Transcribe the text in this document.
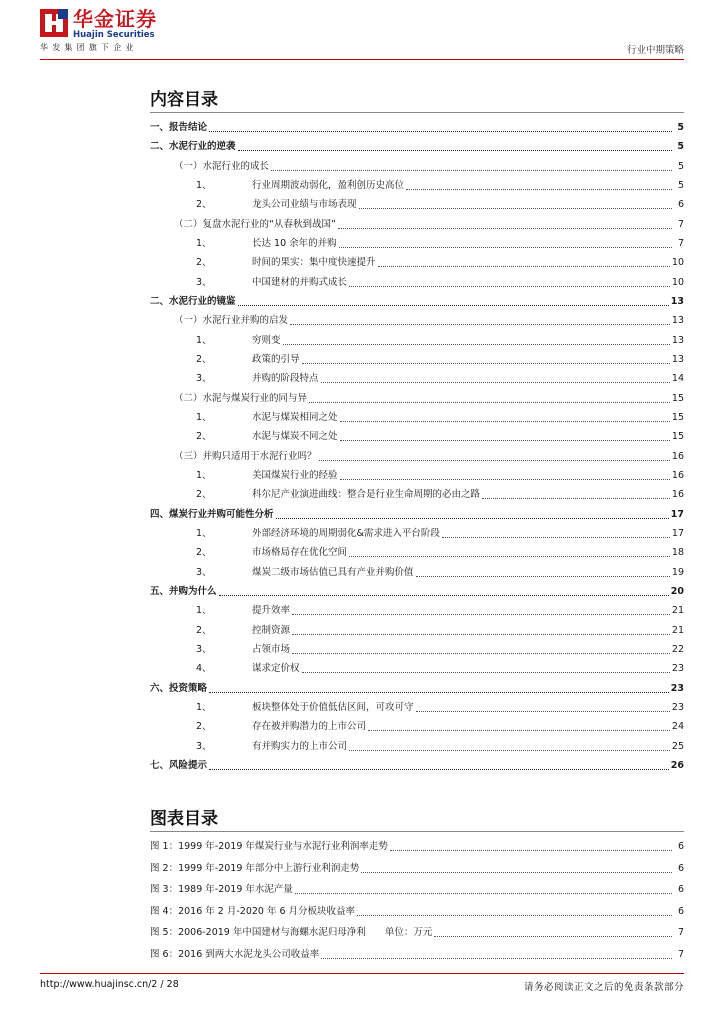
华金证券
Huajin Securities
华发集团旗下企业	行业中期策略
内容目录
一、 报告结论	5
二、 水泥行业的逆袭	5
（一） 水泥行业的成长	5
1、	行业周期波动弱化，盈利创历史高位	5
2、	龙头公司业绩与市场表现	6
（二） 复盘水泥行业的“从春秋到战国”	7
1、	长达 10 余年的并购	7
2、	时间的果实：集中度快速提升	10
3、	中国建材的并购式成长	10
二、 水泥行业的镜鉴	13
（一） 水泥行业并购的启发	13
1、	穷则变	13
2、	政策的引导	13
3、	并购的阶段特点	14
（二） 水泥与煤炭行业的同与异	15
1、	水泥与煤炭相同之处	15
2、	水泥与煤炭不同之处	15
（三） 并购只适用于水泥行业吗？	16
1、	美国煤炭行业的经验	16
2、	科尔尼产业演进曲线：整合是行业生命周期的必由之路	16
四、 煤炭行业并购可能性分析	17
1、	外部经济环境的周期弱化&需求进入平台阶段	17
2、	市场格局存在优化空间	18
3、	煤炭二级市场估值已具有产业并购价值	19
五、 并购为什么	20
1、	提升效率	21
2、	控制资源	21
3、	占领市场	22
4、	谋求定价权	23
六、 投资策略	23
1、	板块整体处于价值低估区间，可攻可守	23
2、	存在被并购潜力的上市公司	24
3、	有并购实力的上市公司	25
七、 风险提示	26
图表目录
图 1：1999 年-2019 年煤炭行业与水泥行业利润率走势	6
图 2：1999 年-2019 年部分中上游行业利润走势	6
图 3：1989 年-2019 年水泥产量	6
图 4：2016 年 2 月-2020 年 6 月分板块收益率	6
图 5：2006-2019 年中国建材与海螺水泥归母净利　　单位：万元	7
图 6：2016 到两大水泥龙头公司收益率	7
http://www.huajinsc.cn/2 / 28	请务必阅读正文之后的免责条款部分
